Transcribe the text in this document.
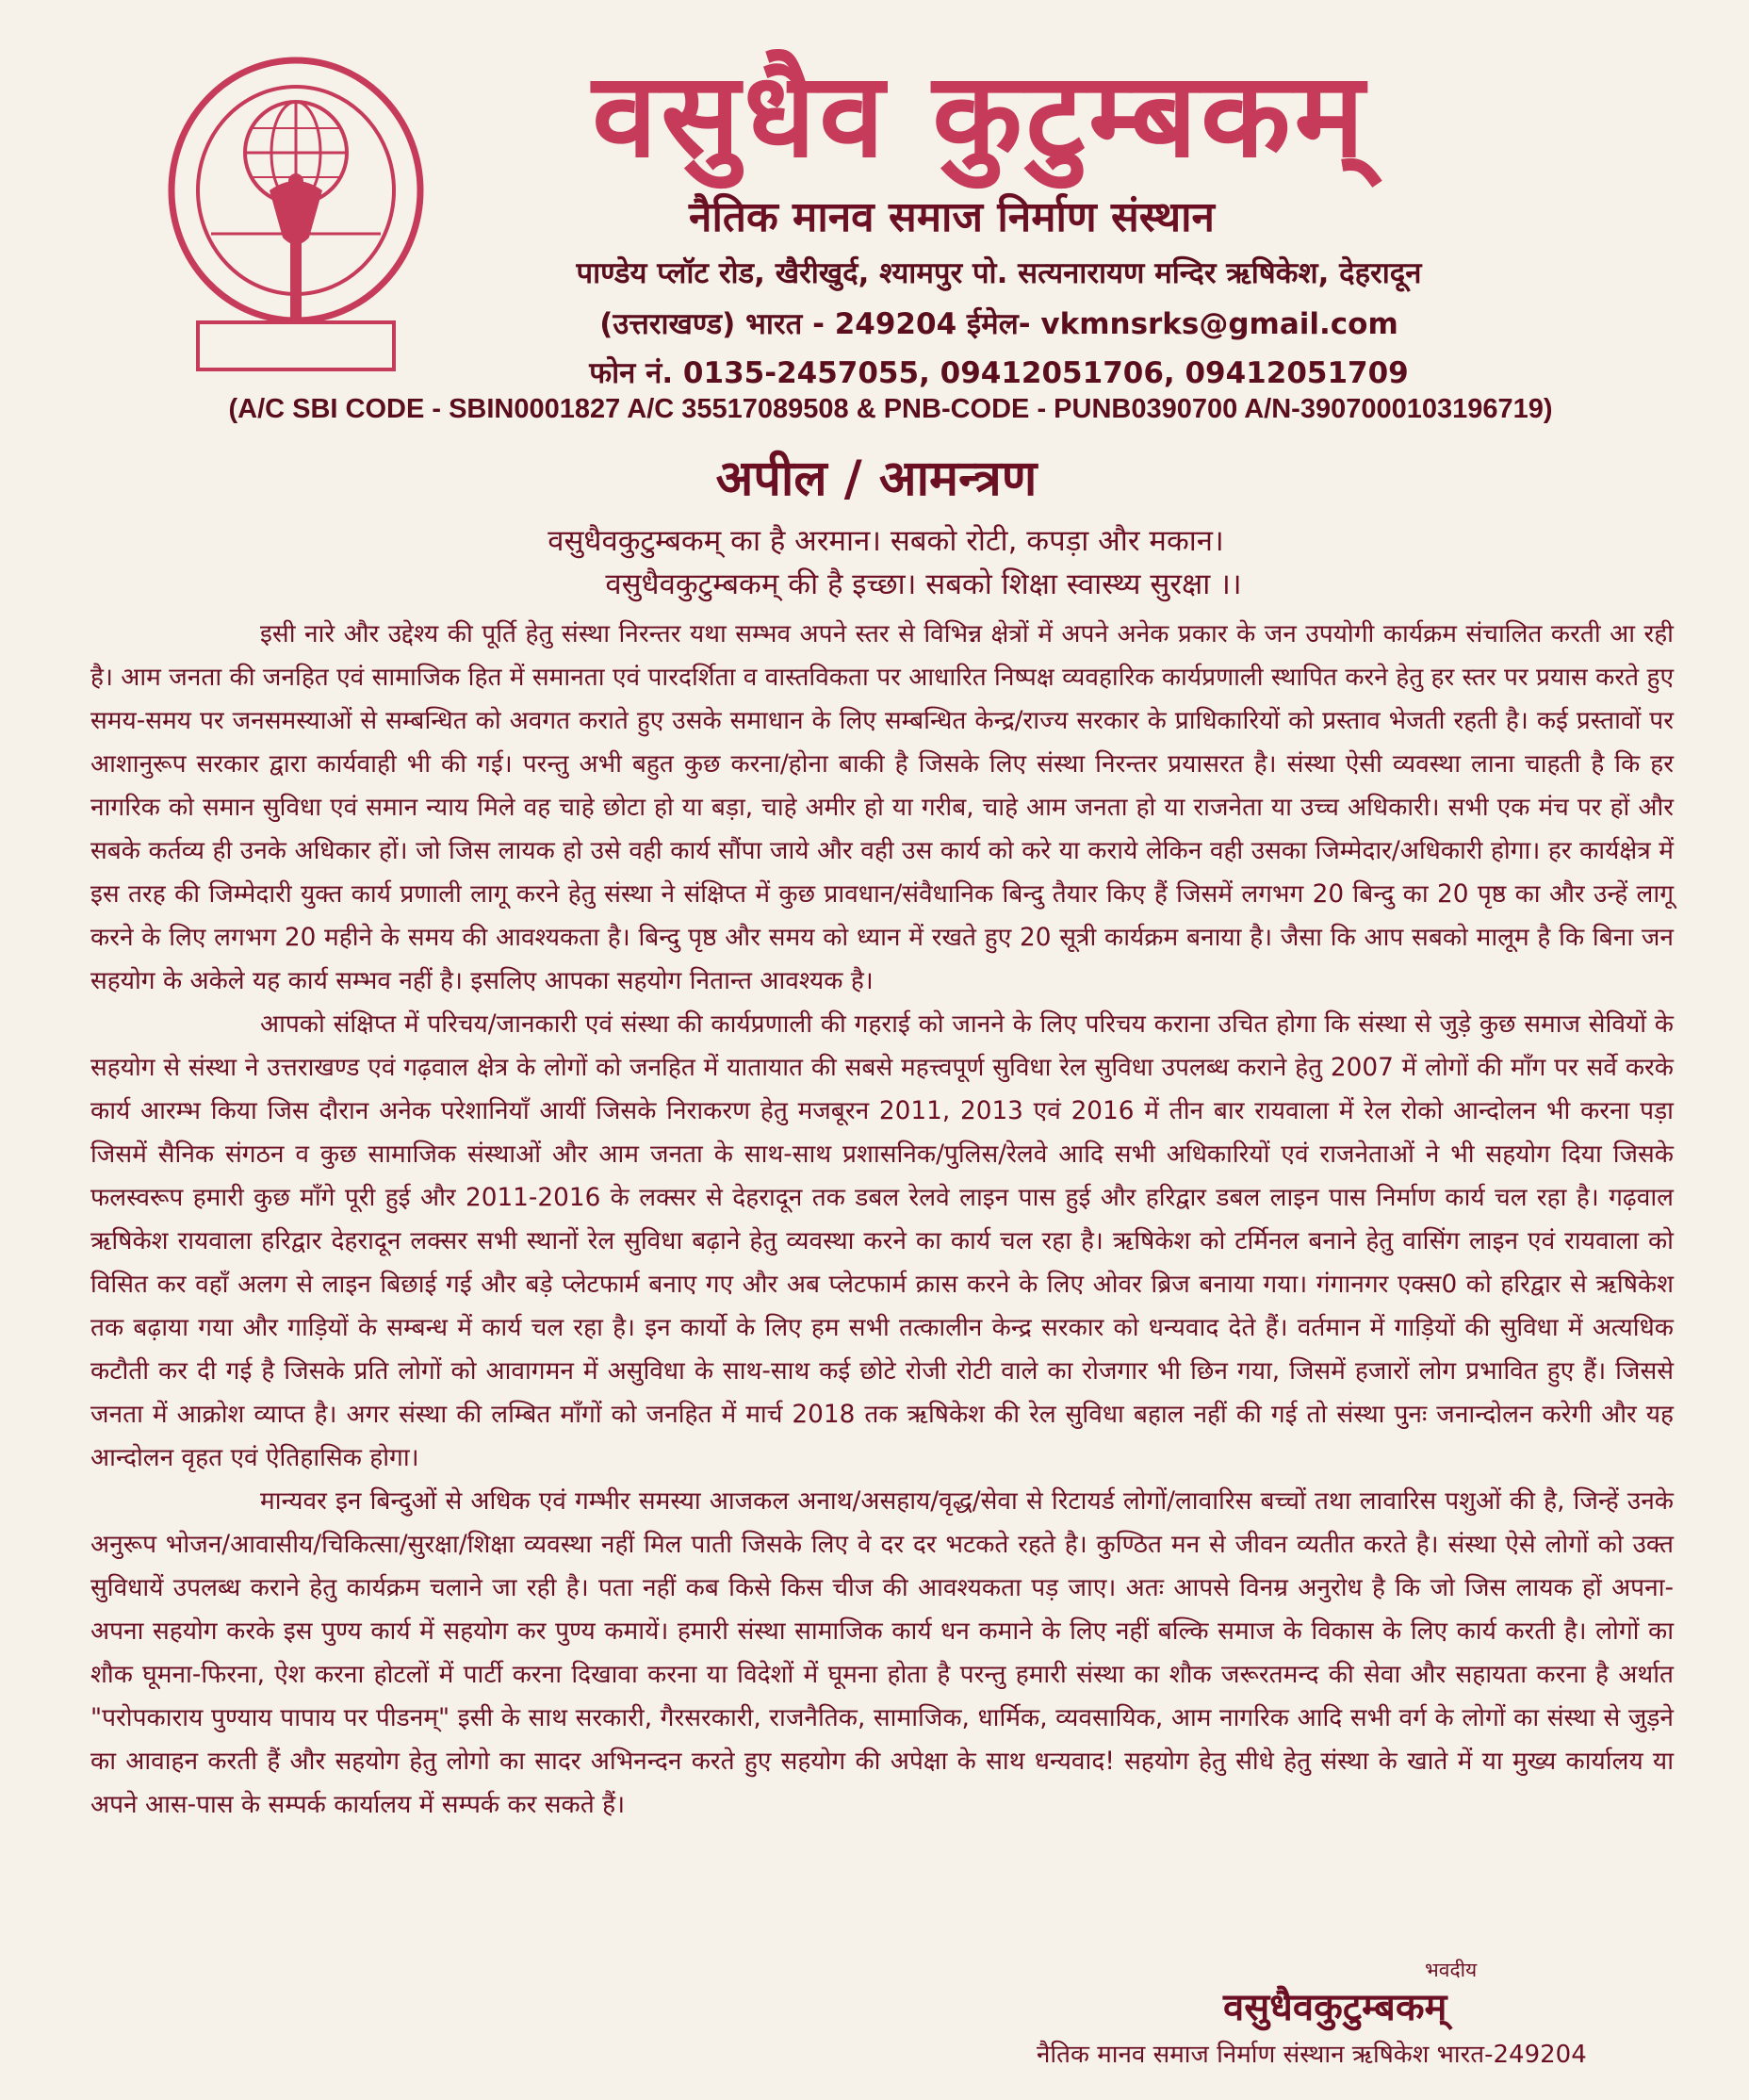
वसुधैव कुटुम्बकम्
नैतिक मानव समाज निर्माण संस्थान
पाण्डेय प्लॉट रोड, खैरीखुर्द, श्यामपुर पो. सत्यनारायण मन्दिर ऋषिकेश, देहरादून
(उत्तराखण्ड) भारत - 249204 ईमेल- vkmnsrks@gmail.com
फोन नं. 0135-2457055, 09412051706, 09412051709
(A/C SBI CODE - SBIN0001827 A/C 35517089508 & PNB-CODE - PUNB0390700 A/N-3907000103196719)
अपील / आमन्त्रण
वसुधैवकुटुम्बकम् का है अरमान। सबको रोटी, कपड़ा और मकान।
वसुधैवकुटुम्बकम् की है इच्छा। सबको शिक्षा स्वास्थ्य सुरक्षा ।।

इसी नारे और उद्देश्य की पूर्ति हेतु संस्था निरन्तर यथा सम्भव अपने स्तर से विभिन्न क्षेत्रों में अपने अनेक प्रकार के जन उपयोगी कार्यक्रम संचालित करती आ रही है। आम जनता की जनहित एवं सामाजिक हित में समानता एवं पारदर्शिता व वास्तविकता पर आधारित निष्पक्ष व्यवहारिक कार्यप्रणाली स्थापित करने हेतु हर स्तर पर प्रयास करते हुए समय-समय पर जनसमस्याओं से सम्बन्धित को अवगत कराते हुए उसके समाधान के लिए सम्बन्धित केन्द्र/राज्य सरकार के प्राधिकारियों को प्रस्ताव भेजती रहती है। कई प्रस्तावों पर आशानुरूप सरकार द्वारा कार्यवाही भी की गई। परन्तु अभी बहुत कुछ करना/होना बाकी है जिसके लिए संस्था निरन्तर प्रयासरत है। संस्था ऐसी व्यवस्था लाना चाहती है कि हर नागरिक को समान सुविधा एवं समान न्याय मिले वह चाहे छोटा हो या बड़ा, चाहे अमीर हो या गरीब, चाहे आम जनता हो या राजनेता या उच्च अधिकारी। सभी एक मंच पर हों और सबके कर्तव्य ही उनके अधिकार हों। जो जिस लायक हो उसे वही कार्य सौंपा जाये और वही उस कार्य को करे या कराये लेकिन वही उसका जिम्मेदार/अधिकारी होगा। हर कार्यक्षेत्र में इस तरह की जिम्मेदारी युक्त कार्य प्रणाली लागू करने हेतु संस्था ने संक्षिप्त में कुछ प्रावधान/संवैधानिक बिन्दु तैयार किए हैं जिसमें लगभग 20 बिन्दु का 20 पृष्ठ का और उन्हें लागू करने के लिए लगभग 20 महीने के समय की आवश्यकता है। बिन्दु पृष्ठ और समय को ध्यान में रखते हुए 20 सूत्री कार्यक्रम बनाया है। जैसा कि आप सबको मालूम है कि बिना जन सहयोग के अकेले यह कार्य सम्भव नहीं है। इसलिए आपका सहयोग नितान्त आवश्यक है।

आपको संक्षिप्त में परिचय/जानकारी एवं संस्था की कार्यप्रणाली की गहराई को जानने के लिए परिचय कराना उचित होगा कि संस्था से जुड़े कुछ समाज सेवियों के सहयोग से संस्था ने उत्तराखण्ड एवं गढ़वाल क्षेत्र के लोगों को जनहित में यातायात की सबसे महत्त्वपूर्ण सुविधा रेल सुविधा उपलब्ध कराने हेतु 2007 में लोगों की माँग पर सर्वे करके कार्य आरम्भ किया जिस दौरान अनेक परेशानियाँ आयीं जिसके निराकरण हेतु मजबूरन 2011, 2013 एवं 2016 में तीन बार रायवाला में रेल रोको आन्दोलन भी करना पड़ा जिसमें सैनिक संगठन व कुछ सामाजिक संस्थाओं और आम जनता के साथ-साथ प्रशासनिक/पुलिस/रेलवे आदि सभी अधिकारियों एवं राजनेताओं ने भी सहयोग दिया जिसके फलस्वरूप हमारी कुछ माँगे पूरी हुई और 2011-2016 के लक्सर से देहरादून तक डबल रेलवे लाइन पास हुई और हरिद्वार डबल लाइन पास निर्माण कार्य चल रहा है। गढ़वाल ऋषिकेश रायवाला हरिद्वार देहरादून लक्सर सभी स्थानों रेल सुविधा बढ़ाने हेतु व्यवस्था करने का कार्य चल रहा है। ऋषिकेश को टर्मिनल बनाने हेतु वासिंग लाइन एवं रायवाला को विसित कर वहाँ अलग से लाइन बिछाई गई और बड़े प्लेटफार्म बनाए गए और अब प्लेटफार्म क्रास करने के लिए ओवर ब्रिज बनाया गया। गंगानगर एक्स0 को हरिद्वार से ऋषिकेश तक बढ़ाया गया और गाड़ियों के सम्बन्ध में कार्य चल रहा है। इन कार्यो के लिए हम सभी तत्कालीन केन्द्र सरकार को धन्यवाद देते हैं। वर्तमान में गाड़ियों की सुविधा में अत्यधिक कटौती कर दी गई है जिसके प्रति लोगों को आवागमन में असुविधा के साथ-साथ कई छोटे रोजी रोटी वाले का रोजगार भी छिन गया, जिसमें हजारों लोग प्रभावित हुए हैं। जिससे जनता में आक्रोश व्याप्त है। अगर संस्था की लम्बित माँगों को जनहित में मार्च 2018 तक ऋषिकेश की रेल सुविधा बहाल नहीं की गई तो संस्था पुनः जनान्दोलन करेगी और यह आन्दोलन वृहत एवं ऐतिहासिक होगा।

मान्यवर इन बिन्दुओं से अधिक एवं गम्भीर समस्या आजकल अनाथ/असहाय/वृद्ध/सेवा से रिटायर्ड लोगों/लावारिस बच्चों तथा लावारिस पशुओं की है, जिन्हें उनके अनुरूप भोजन/आवासीय/चिकित्सा/सुरक्षा/शिक्षा व्यवस्था नहीं मिल पाती जिसके लिए वे दर दर भटकते रहते है। कुण्ठित मन से जीवन व्यतीत करते है। संस्था ऐसे लोगों को उक्त सुविधायें उपलब्ध कराने हेतु कार्यक्रम चलाने जा रही है। पता नहीं कब किसे किस चीज की आवश्यकता पड़ जाए। अतः आपसे विनम्र अनुरोध है कि जो जिस लायक हों अपना-अपना सहयोग करके इस पुण्य कार्य में सहयोग कर पुण्य कमायें। हमारी संस्था सामाजिक कार्य धन कमाने के लिए नहीं बल्कि समाज के विकास के लिए कार्य करती है। लोगों का शौक घूमना-फिरना, ऐश करना होटलों में पार्टी करना दिखावा करना या विदेशों में घूमना होता है परन्तु हमारी संस्था का शौक जरूरतमन्द की सेवा और सहायता करना है अर्थात "परोपकाराय पुण्याय पापाय पर पीडनम्" इसी के साथ सरकारी, गैरसरकारी, राजनैतिक, सामाजिक, धार्मिक, व्यवसायिक, आम नागरिक आदि सभी वर्ग के लोगों का संस्था से जुड़ने का आवाहन करती हैं और सहयोग हेतु लोगो का सादर अभिनन्दन करते हुए सहयोग की अपेक्षा के साथ धन्यवाद! सहयोग हेतु सीधे हेतु संस्था के खाते में या मुख्य कार्यालय या अपने आस-पास के सम्पर्क कार्यालय में सम्पर्क कर सकते हैं।

भवदीय
वसुधैवकुटुम्बकम्
नैतिक मानव समाज निर्माण संस्थान ऋषिकेश भारत-249204
